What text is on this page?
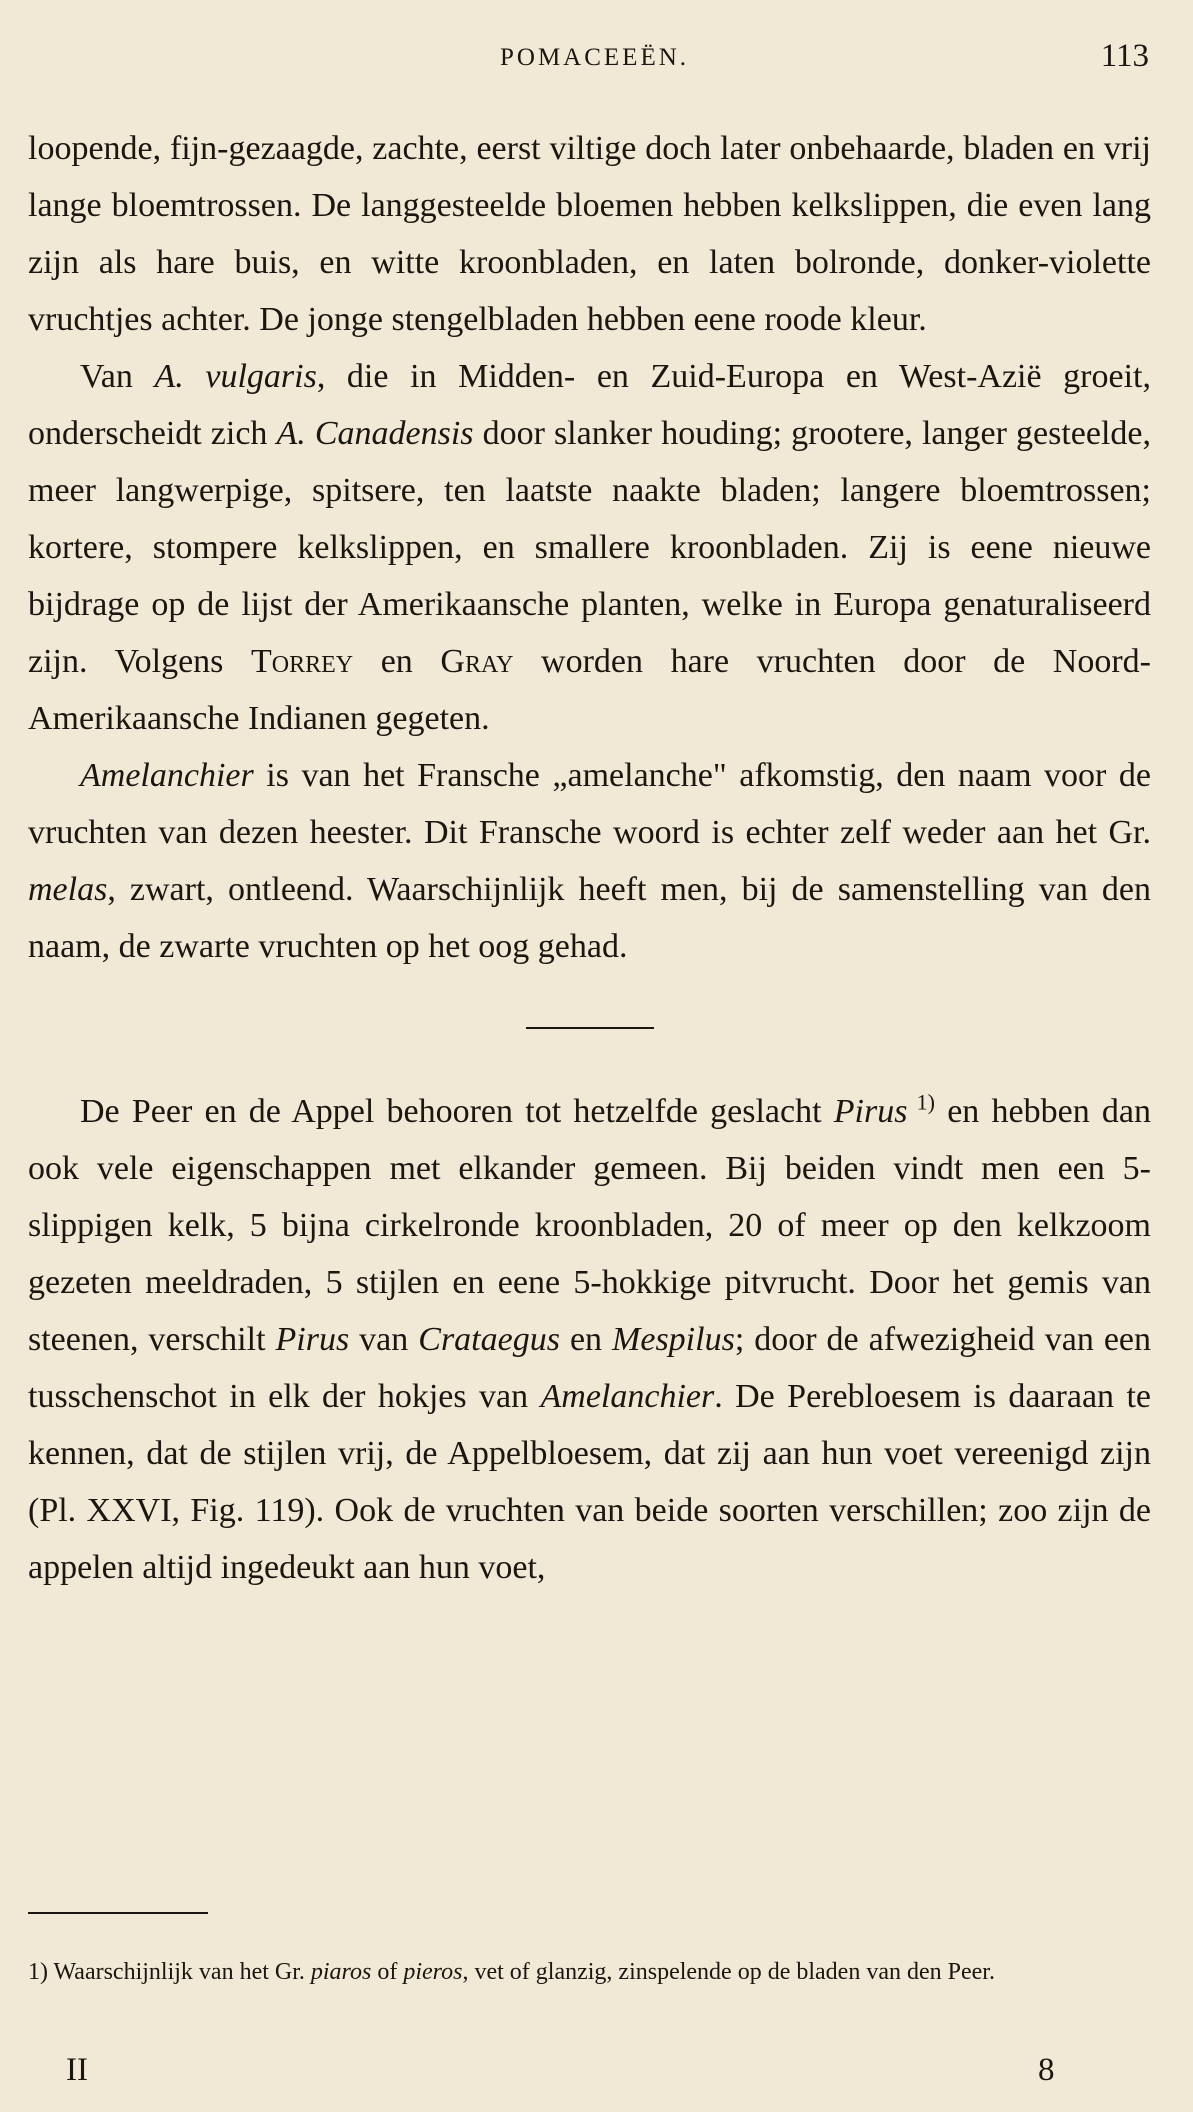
POMACEEËN.	113

loopende, fijn-gezaagde, zachte, eerst viltige doch later onbehaarde, bladen en vrij lange bloemtrossen. De langgesteelde bloemen hebben kelkslippen, die even lang zijn als hare buis, en witte kroonbladen, en laten bolronde, donker-violette vruchtjes achter. De jonge stengelbladen hebben eene roode kleur.

Van A. vulgaris, die in Midden- en Zuid-Europa en West-Azië groeit, onderscheidt zich A. Canadensis door slanker houding; grootere, langer gesteelde, meer langwerpige, spitsere, ten laatste naakte bladen; langere bloemtrossen; kortere, stompere kelkslippen, en smallere kroonbladen. Zij is eene nieuwe bijdrage op de lijst der Amerikaansche planten, welke in Europa genaturaliseerd zijn. Volgens Torrey en Gray worden hare vruchten door de Noord-Amerikaansche Indianen gegeten.

Amelanchier is van het Fransche „amelanche" afkomstig, den naam voor de vruchten van dezen heester. Dit Fransche woord is echter zelf weder aan het Gr. melas, zwart, ontleend. Waarschijnlijk heeft men, bij de samenstelling van den naam, de zwarte vruchten op het oog gehad.

De Peer en de Appel behooren tot hetzelfde geslacht Pirus $^{1)}$ en hebben dan ook vele eigenschappen met elkander gemeen. Bij beiden vindt men een 5-slippigen kelk, 5 bijna cirkelronde kroonbladen, 20 of meer op den kelkzoom gezeten meeldraden, 5 stijlen en eene 5-hokkige pitvrucht. Door het gemis van steenen, verschilt Pirus van Crataegus en Mespilus; door de afwezigheid van een tusschenschot in elk der hokjes van Amelanchier. De Perebloesem is daaraan te kennen, dat de stijlen vrij, de Appelbloesem, dat zij aan hun voet vereenigd zijn (Pl. XXVI, Fig. 119). Ook de vruchten van beide soorten verschillen; zoo zijn de appelen altijd ingedeukt aan hun voet,

1) Waarschijnlijk van het Gr. piaros of pieros, vet of glanzig, zinspelende op de bladen van den Peer.

II	8
